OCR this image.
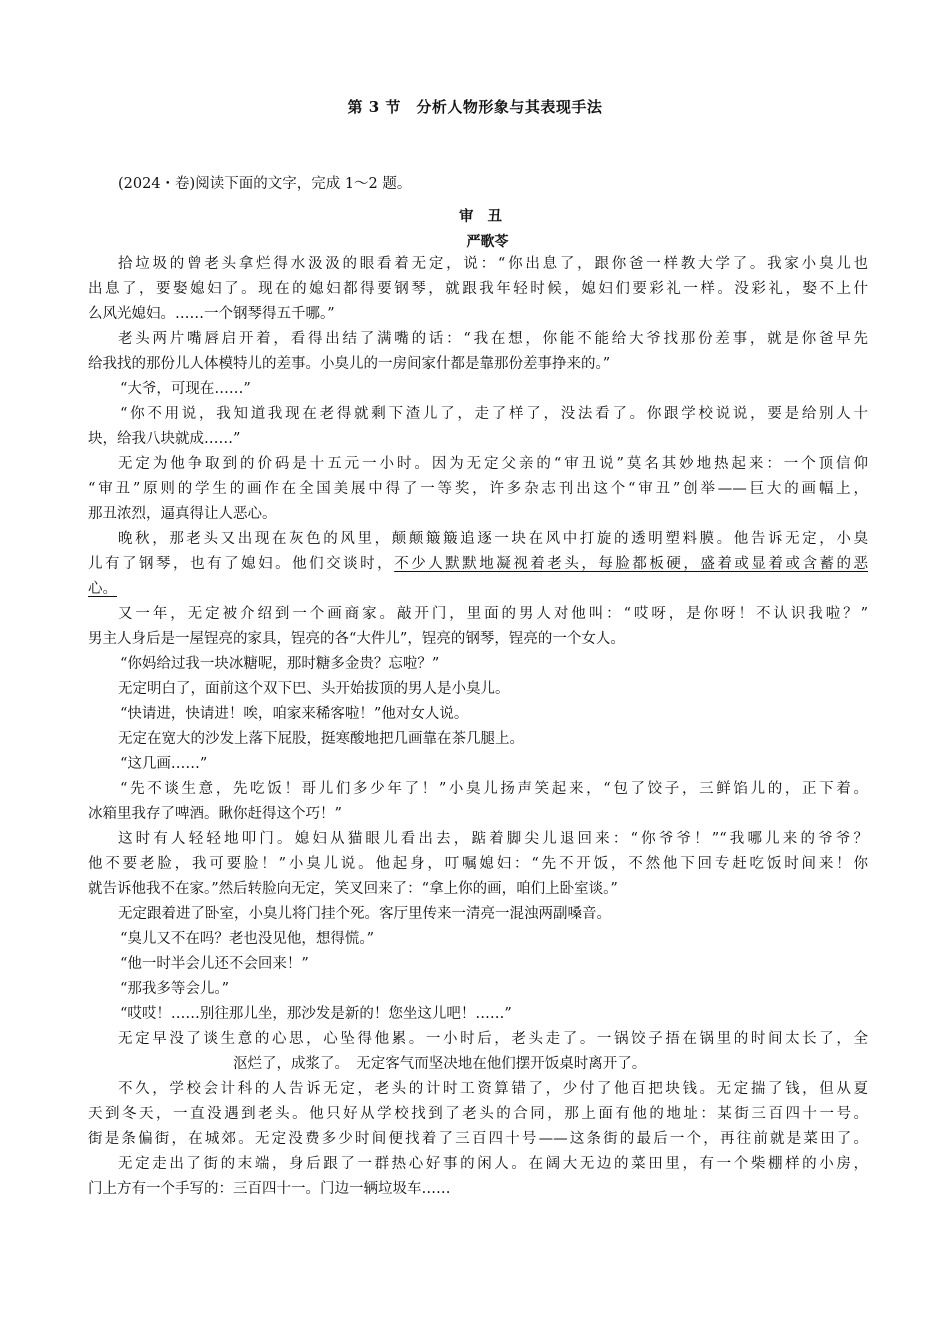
第 3 节　分析人物形象与其表现手法
(2024・卷)阅读下面的文字，完成 1～2 题。
审丑
严歌苓
拾垃圾的曾老头拿烂得水汲汲的眼看着无定，说：“你出息了，跟你爸一样教大学了。我家小臭儿也
出息了，要娶媳妇了。现在的媳妇都得要钢琴，就跟我年轻时候，媳妇们要彩礼一样。没彩礼，娶不上什
么风光媳妇。……一个钢琴得五千哪。”
老头两片嘴唇启开着，看得出结了满嘴的话：“我在想，你能不能给大爷找那份差事，就是你爸早先
给我找的那份儿人体模特儿的差事。小臭儿的一房间家什都是靠那份差事挣来的。”
“大爷，可现在……”
“你不用说，我知道我现在老得就剩下渣儿了，走了样了，没法看了。你跟学校说说，要是给别人十
块，给我八块就成……”
无定为他争取到的价码是十五元一小时。因为无定父亲的“审丑说”莫名其妙地热起来：一个顶信仰
“审丑”原则的学生的画作在全国美展中得了一等奖，许多杂志刊出这个“审丑”创举——巨大的画幅上，
那丑浓烈，逼真得让人恶心。
晚秋，那老头又出现在灰色的风里，颠颠簸簸追逐一块在风中打旋的透明塑料膜。他告诉无定，小臭
儿有了钢琴，也有了媳妇。他们交谈时，不少人默默地凝视着老头，每脸都板硬，盛着或显着或含蓄的恶
心。
又一年，无定被介绍到一个画商家。敲开门，里面的男人对他叫：“哎呀，是你呀！不认识我啦？”
男主人身后是一屋锃亮的家具，锃亮的各“大件儿”，锃亮的钢琴，锃亮的一个女人。
“你妈给过我一块冰糖呢，那时糖多金贵？忘啦？”
无定明白了，面前这个双下巴、头开始拔顶的男人是小臭儿。
“快请进，快请进！唉，咱家来稀客啦！”他对女人说。
无定在宽大的沙发上落下屁股，挺寒酸地把几画靠在茶几腿上。
“这几画……”
“先不谈生意，先吃饭！哥儿们多少年了！”小臭儿扬声笑起来，“包了饺子，三鲜馅儿的，正下着。
冰箱里我存了啤酒。瞅你赶得这个巧！”
这时有人轻轻地叩门。媳妇从猫眼儿看出去，踮着脚尖儿退回来：“你爷爷！”“我哪儿来的爷爷？
他不要老脸，我可要脸！”小臭儿说。他起身，叮嘱媳妇：“先不开饭，不然他下回专赶吃饭时间来！你
就告诉他我不在家。”然后转脸向无定，笑叉回来了：“拿上你的画，咱们上卧室谈。”
无定跟着进了卧室，小臭儿将门挂个死。客厅里传来一清亮一混浊两副嗓音。
“臭儿又不在吗？老也没见他，想得慌。”
“他一时半会儿还不会回来！”
“那我多等会儿。”
“哎哎！……别往那儿坐，那沙发是新的！您坐这儿吧！……”
无定早没了谈生意的心思，心坠得他累。一小时后，老头走了。一锅饺子捂在锅里的时间太长了，全
沤烂了，成浆了。　无定客气而坚决地在他们摆开饭桌时离开了。
不久，学校会计科的人告诉无定，老头的计时工资算错了，少付了他百把块钱。无定揣了钱，但从夏
天到冬天，一直没遇到老头。他只好从学校找到了老头的合同，那上面有他的地址：某街三百四十一号。
街是条偏街，在城郊。无定没费多少时间便找着了三百四十号——这条街的最后一个，再往前就是菜田了。
无定走出了街的末端，身后跟了一群热心好事的闲人。在阔大无边的菜田里，有一个柴棚样的小房，
门上方有一个手写的：三百四十一。门边一辆垃圾车……
